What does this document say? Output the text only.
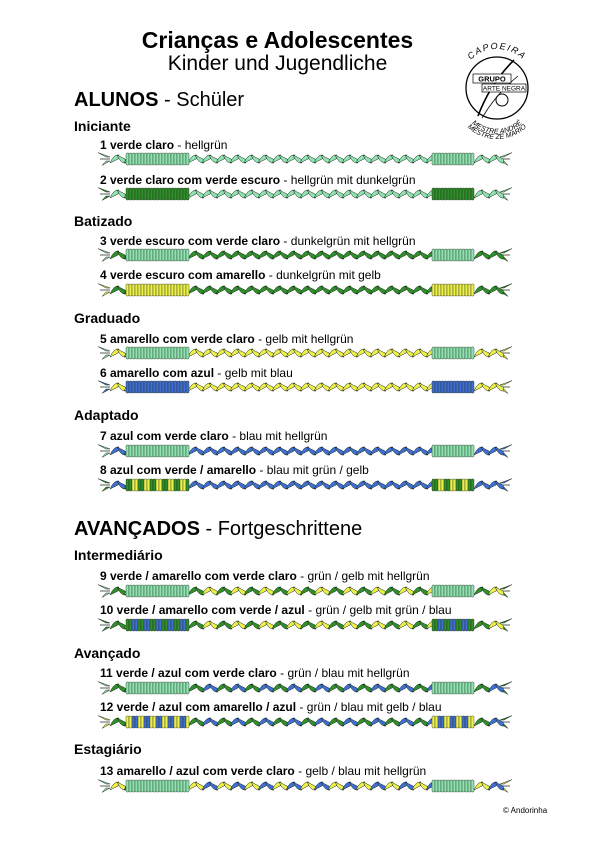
Crianças e Adolescentes
Kinder und Jugendliche	CAPOEIRA
GRUPO
ARTE NEGRA
MESTRE ZÉ MARIO
MESTRE ANDRÉ
ALUNOS - Schüler
Iniciante
1 verde claro - hellgrün
2 verde claro com verde escuro - hellgrün mit dunkelgrün
Batizado
3 verde escuro com verde claro - dunkelgrün mit hellgrün
4 verde escuro com amarello - dunkelgrün mit gelb
Graduado
5 amarello com verde claro - gelb mit hellgrün
6 amarello com azul - gelb mit blau
Adaptado
7 azul com verde claro - blau mit hellgrün
8 azul com verde / amarello - blau mit grün / gelb
AVANÇADOS - Fortgeschrittene
Intermediário
9 verde / amarello com verde claro - grün / gelb mit hellgrün
10 verde / amarello com verde / azul - grün / gelb mit grün / blau
Avançado
11 verde / azul com verde claro - grün / blau mit hellgrün
12 verde / azul com amarello / azul - grün / blau mit gelb / blau
Estagiário
13 amarello / azul com verde claro - gelb / blau mit hellgrün
© Andorinha
